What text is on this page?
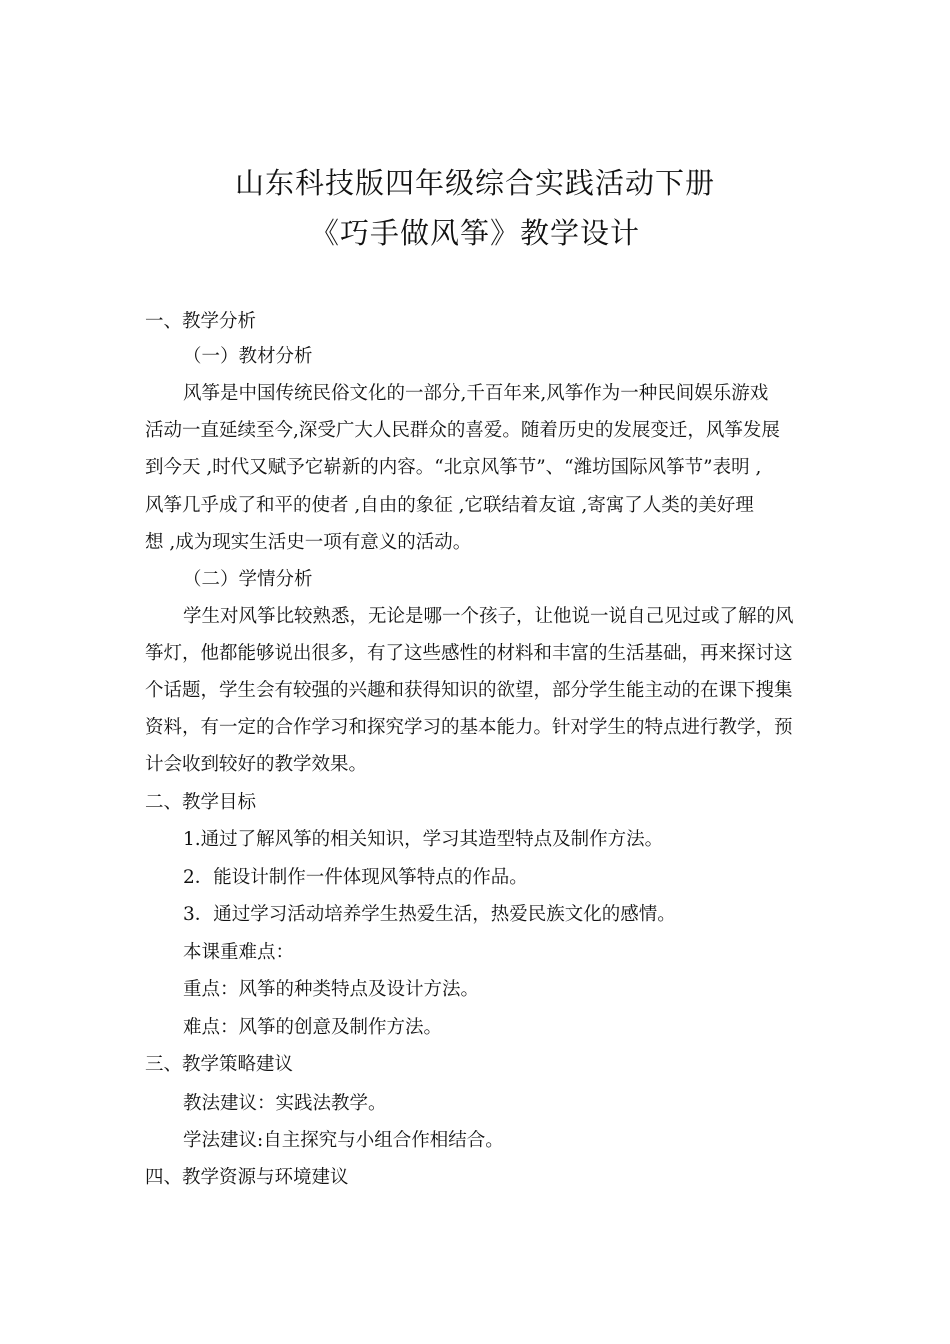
山东科技版四年级综合实践活动下册
《巧手做风筝》教学设计

一、教学分析

（一）教材分析

风筝是中国传统民俗文化的一部分,千百年来,风筝作为一种民间娱乐游戏

活动一直延续至今,深受广大人民群众的喜爱。随着历史的发展变迁，风筝发展

到今天 ,时代又赋予它崭新的内容。“北京风筝节”、“潍坊国际风筝节”表明 ,

风筝几乎成了和平的使者 ,自由的象征 ,它联结着友谊 ,寄寓了人类的美好理

想 ,成为现实生活史一项有意义的活动。

（二）学情分析

学生对风筝比较熟悉，无论是哪一个孩子，让他说一说自己见过或了解的风

筝灯，他都能够说出很多，有了这些感性的材料和丰富的生活基础，再来探讨这

个话题，学生会有较强的兴趣和获得知识的欲望，部分学生能主动的在课下搜集

资料，有一定的合作学习和探究学习的基本能力。针对学生的特点进行教学，预

计会收到较好的教学效果。

二、教学目标

1.通过了解风筝的相关知识，学习其造型特点及制作方法。

2．能设计制作一件体现风筝特点的作品。

3．通过学习活动培养学生热爱生活，热爱民族文化的感情。

本课重难点：

重点：风筝的种类特点及设计方法。

难点：风筝的创意及制作方法。

三、教学策略建议

教法建议：实践法教学。

学法建议:自主探究与小组合作相结合。

四、教学资源与环境建议
